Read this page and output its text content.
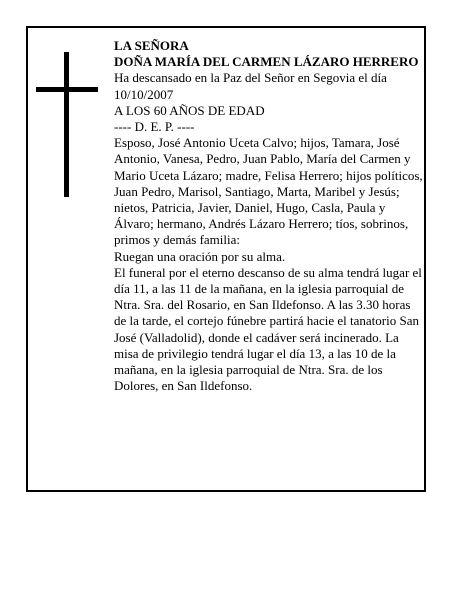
LA SEÑORA

DOÑA MARÍA DEL CARMEN LÁZARO HERRERO

Ha descansado en la Paz del Señor en Segovia el día 10/10/2007

A LOS 60 AÑOS DE EDAD

---- D. E. P. ----

Esposo, José Antonio Uceta Calvo; hijos, Tamara, José Antonio, Vanesa, Pedro, Juan Pablo, María del Carmen y Mario Uceta Lázaro; madre, Felisa Herrero; hijos políticos, Juan Pedro, Marisol, Santiago, Marta, Maribel y Jesús; nietos, Patricia, Javier, Daniel, Hugo, Casla, Paula y Álvaro; hermano, Andrés Lázaro Herrero; tíos, sobrinos, primos y demás familia:

Ruegan una oración por su alma.

El funeral por el eterno descanso de su alma tendrá lugar el día 11, a las 11 de la mañana, en la iglesia parroquial de Ntra. Sra. del Rosario, en San Ildefonso. A las 3.30 horas de la tarde, el cortejo fúnebre partirá hacie el tanatorio San José (Valladolid), donde el cadáver será incinerado. La misa de privilegio tendrá lugar el día 13, a las 10 de la mañana, en la iglesia parroquial de Ntra. Sra. de los Dolores, en San Ildefonso.
